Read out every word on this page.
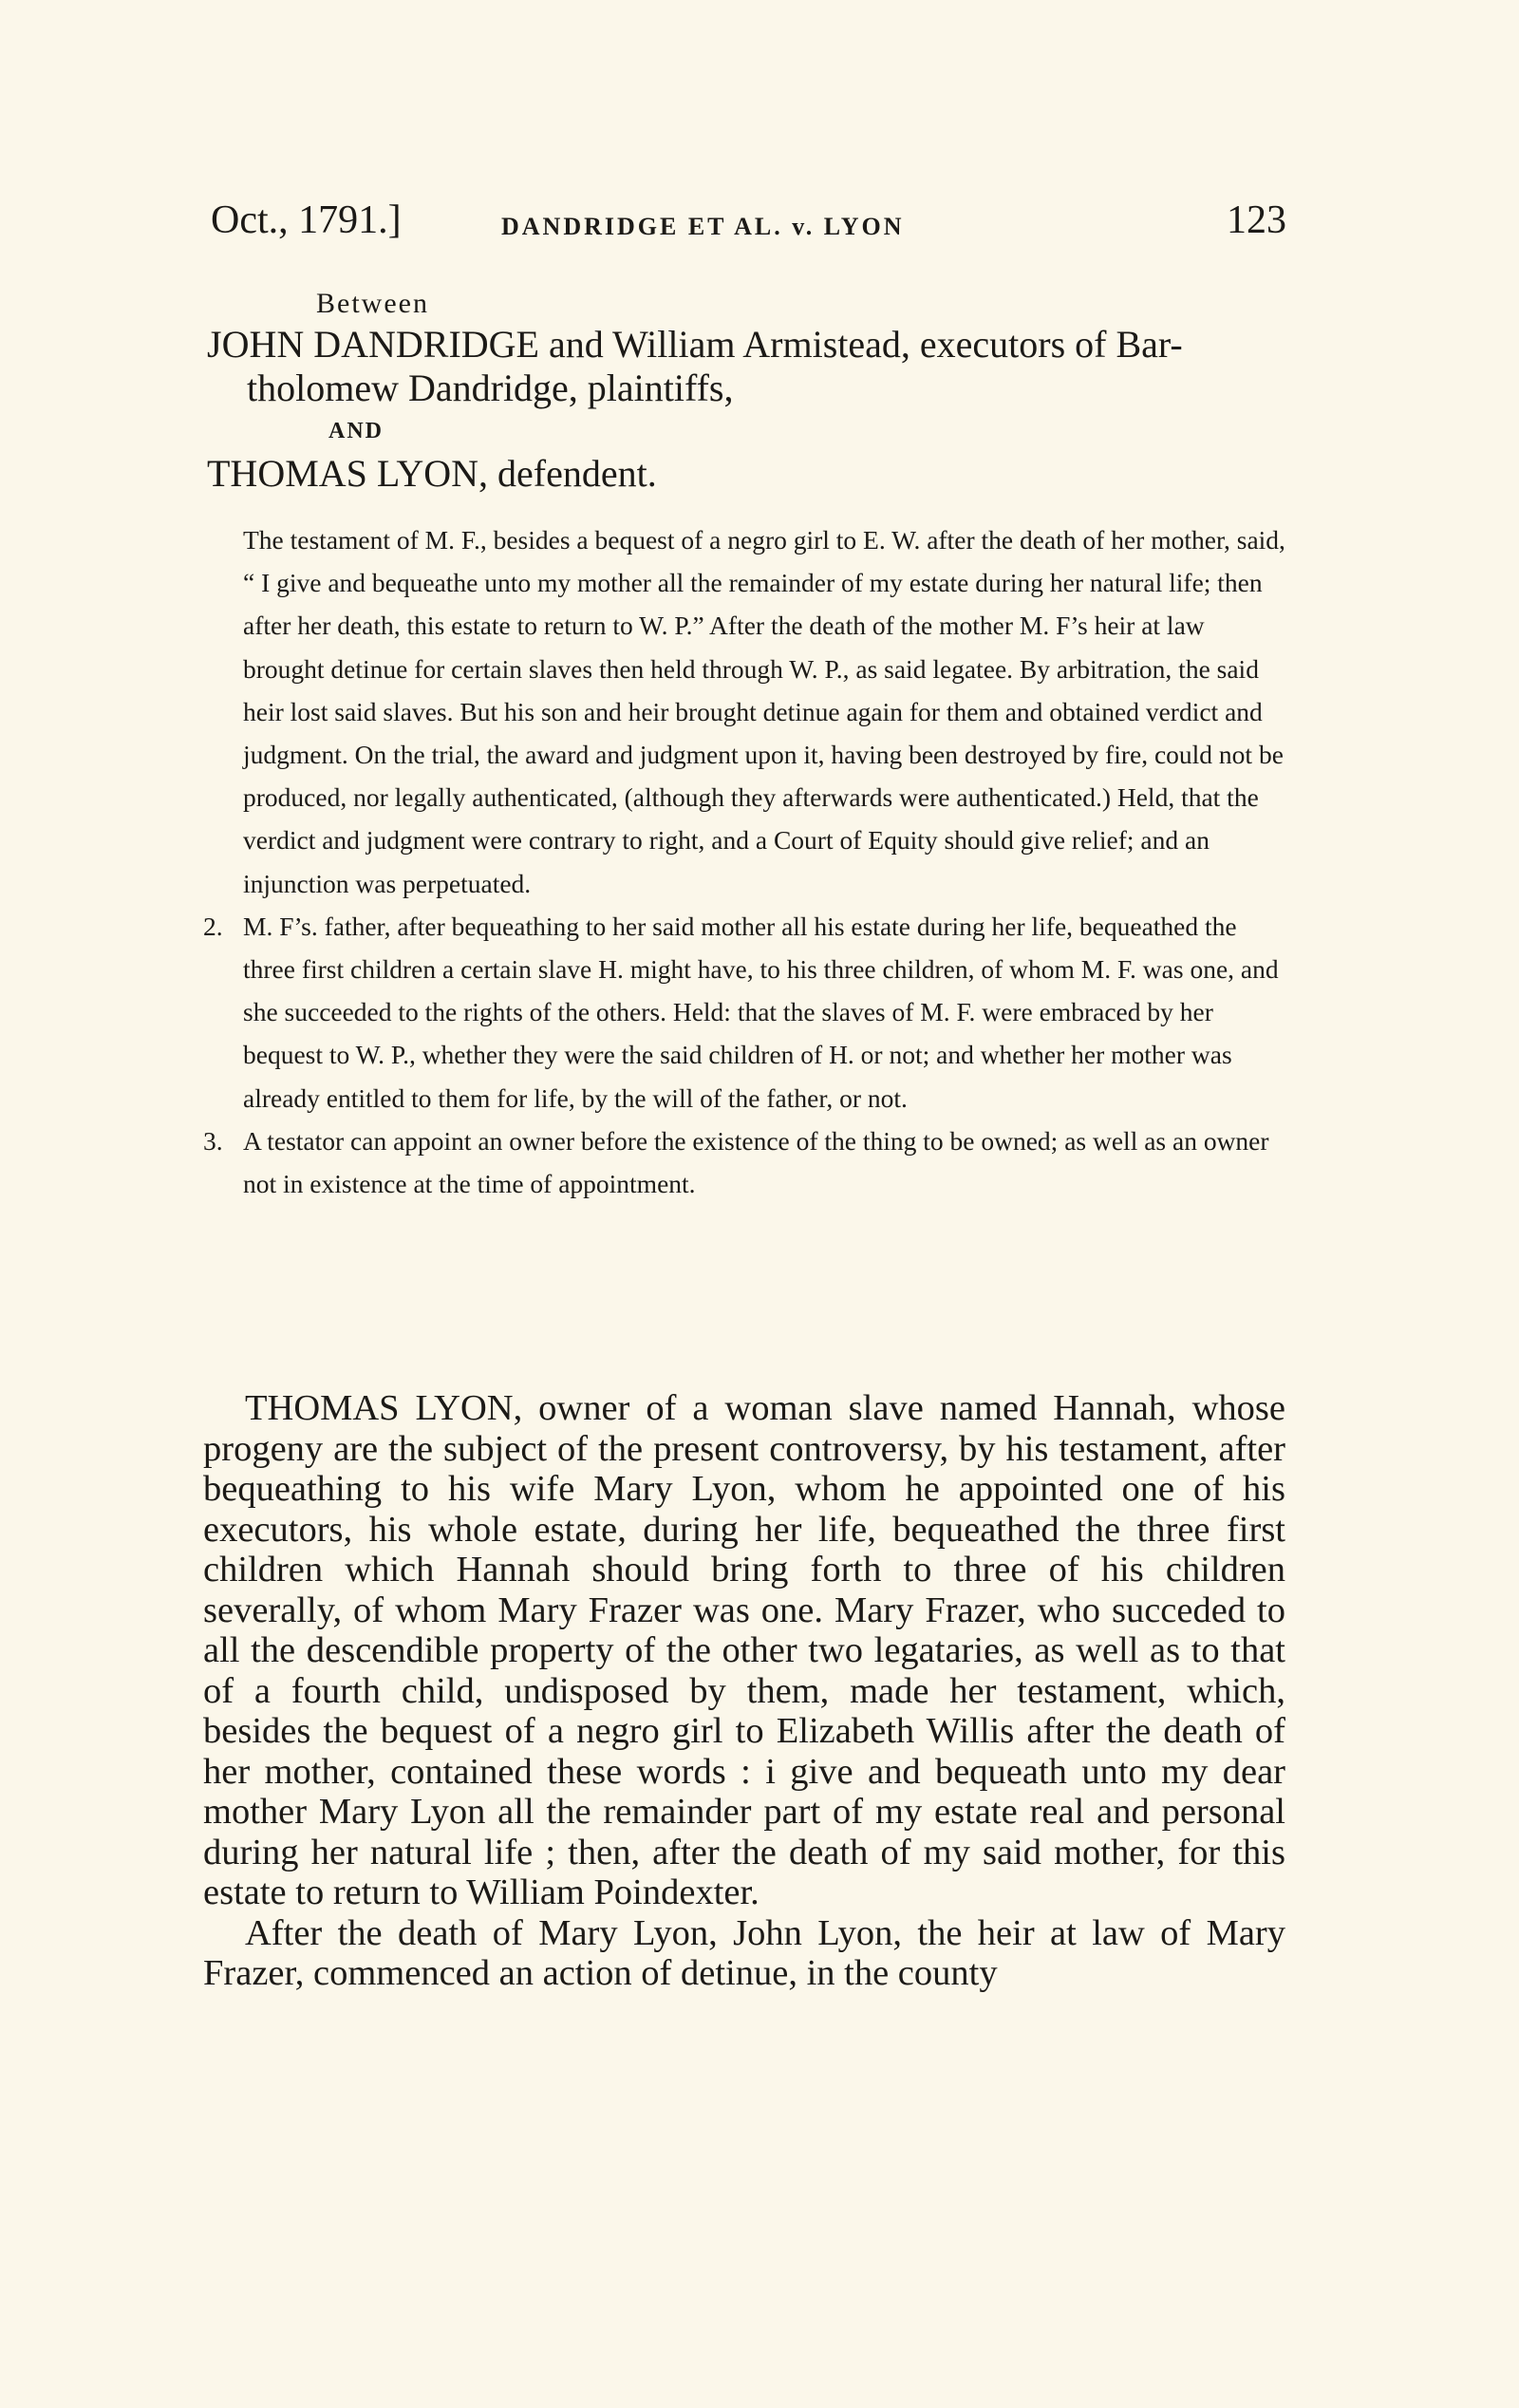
Oct., 1791.]	DANDRIDGE ET AL. v. LYON	123
Between
JOHN DANDRIDGE and William Armistead, executors of Bar-
tholomew Dandridge, plaintiffs,
AND
THOMAS LYON, defendent.
The testament of M. F., besides a bequest of a negro girl to E. W. after the death of her mother, said, “ I give and bequeathe unto my mother all the remainder of my estate during her natural life; then after her death, this estate to return to W. P.” After the death of the mother M. F’s heir at law brought detinue for certain slaves then held through W. P., as said legatee. By arbitration, the said heir lost said slaves. But his son and heir brought detinue again for them and obtained verdict and judgment. On the trial, the award and judgment upon it, having been destroyed by fire, could not be produced, nor legally authenticated, (although they afterwards were authenticated.) Held, that the verdict and judgment were contrary to right, and a Court of Equity should give relief; and an injunction was perpetuated.
2. M. F’s. father, after bequeathing to her said mother all his estate during her life, bequeathed the three first children a certain slave H. might have, to his three children, of whom M. F. was one, and she succeeded to the rights of the others. Held: that the slaves of M. F. were embraced by her bequest to W. P., whether they were the said children of H. or not; and whether her mother was already entitled to them for life, by the will of the father, or not.
3. A testator can appoint an owner before the existence of the thing to be owned; as well as an owner not in existence at the time of appointment.
THOMAS LYON, owner of a woman slave named Hannah, whose progeny are the subject of the present controversy, by his testament, after bequeathing to his wife Mary Lyon, whom he appointed one of his executors, his whole estate, during her life, bequeathed the three first children which Hannah should bring forth to three of his children severally, of whom Mary Frazer was one. Mary Frazer, who succeded to all the descendible property of the other two legataries, as well as to that of a fourth child, undisposed by them, made her testament, which, besides the bequest of a negro girl to Elizabeth Willis after the death of her mother, contained these words : i give and bequeath unto my dear mother Mary Lyon all the remainder part of my estate real and personal during her natural life ; then, after the death of my said mother, for this estate to return to William Poindexter.
After the death of Mary Lyon, John Lyon, the heir at law of Mary Frazer, commenced an action of detinue, in the county
